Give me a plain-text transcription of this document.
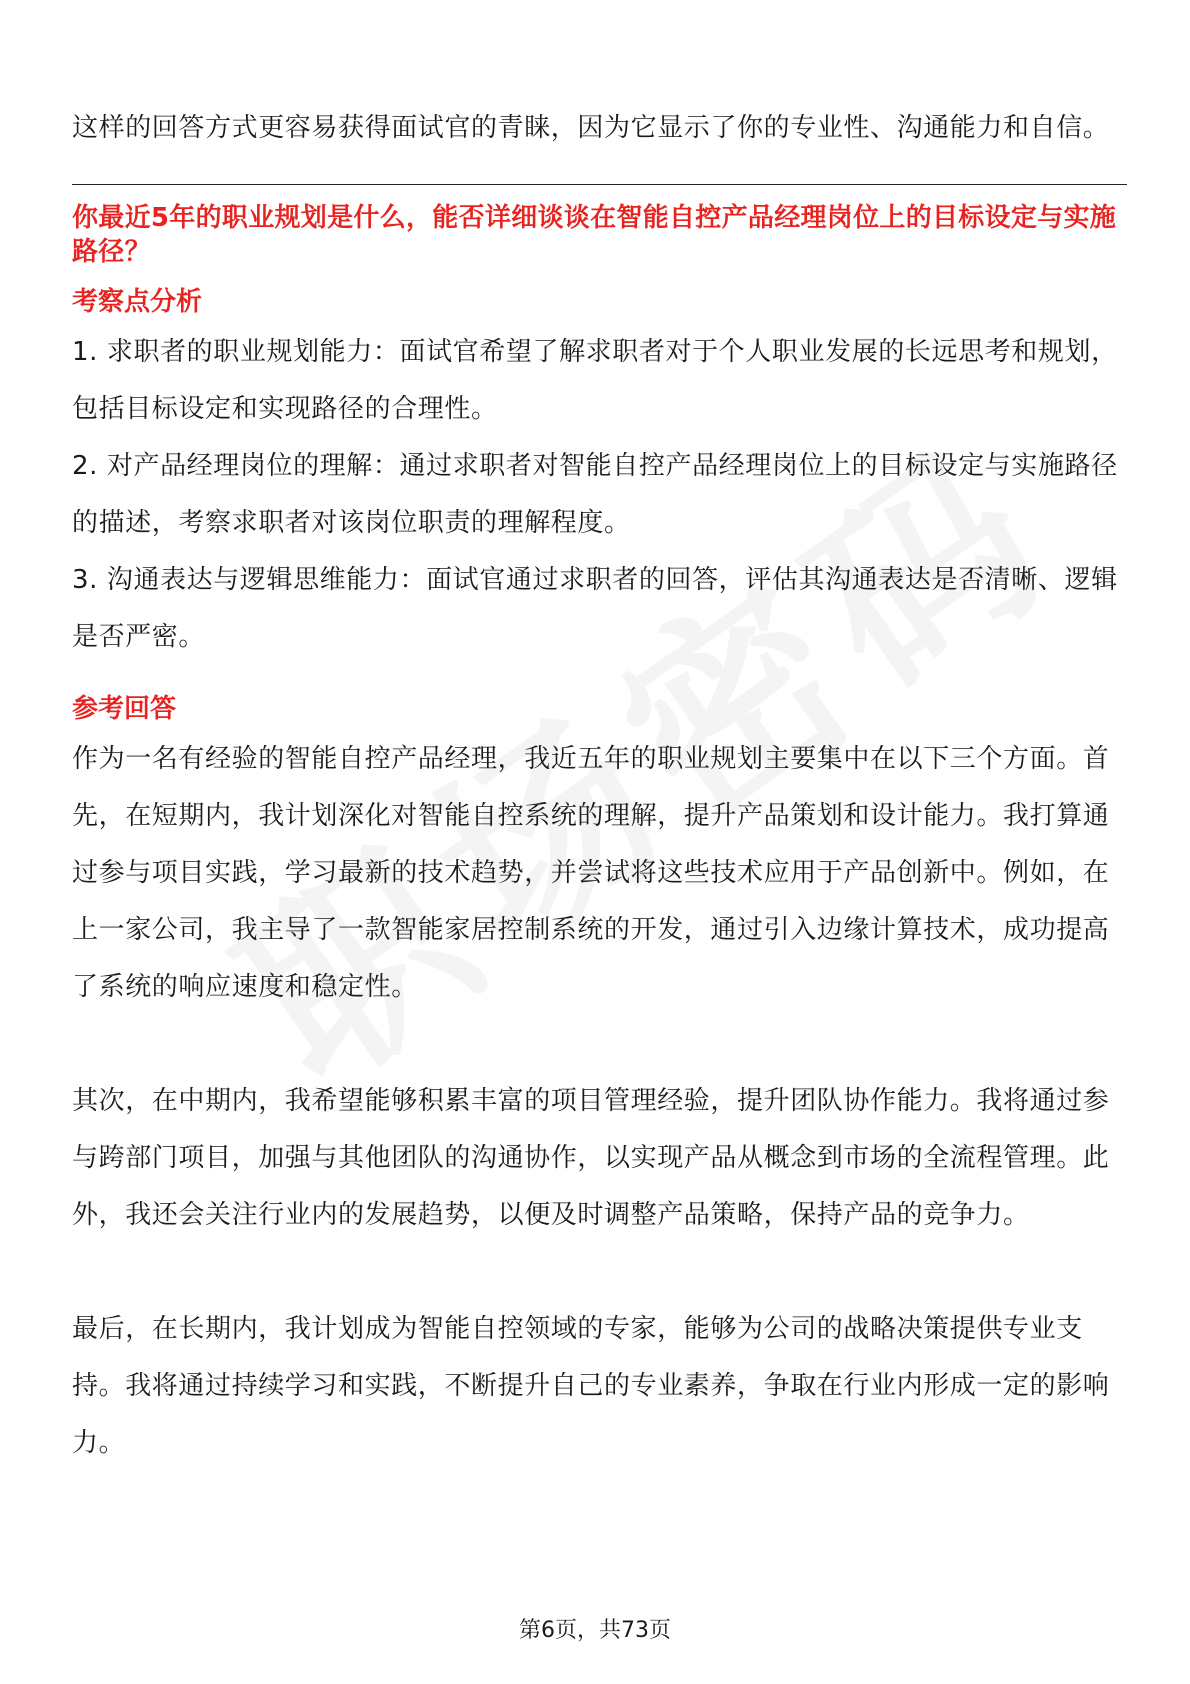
这样的回答方式更容易获得面试官的青睐，因为它显示了你的专业性、沟通能力和自信。

你最近5年的职业规划是什么，能否详细谈谈在智能自控产品经理岗位上的目标设定与实施路径？

考察点分析

1. 求职者的职业规划能力：面试官希望了解求职者对于个人职业发展的长远思考和规划，包括目标设定和实现路径的合理性。

2. 对产品经理岗位的理解：通过求职者对智能自控产品经理岗位上的目标设定与实施路径的描述，考察求职者对该岗位职责的理解程度。

3. 沟通表达与逻辑思维能力：面试官通过求职者的回答，评估其沟通表达是否清晰、逻辑是否严密。

参考回答

作为一名有经验的智能自控产品经理，我近五年的职业规划主要集中在以下三个方面。首先，在短期内，我计划深化对智能自控系统的理解，提升产品策划和设计能力。我打算通过参与项目实践，学习最新的技术趋势，并尝试将这些技术应用于产品创新中。例如，在上一家公司，我主导了一款智能家居控制系统的开发，通过引入边缘计算技术，成功提高了系统的响应速度和稳定性。

其次，在中期内，我希望能够积累丰富的项目管理经验，提升团队协作能力。我将通过参与跨部门项目，加强与其他团队的沟通协作，以实现产品从概念到市场的全流程管理。此外，我还会关注行业内的发展趋势，以便及时调整产品策略，保持产品的竞争力。

最后，在长期内，我计划成为智能自控领域的专家，能够为公司的战略决策提供专业支持。我将通过持续学习和实践，不断提升自己的专业素养，争取在行业内形成一定的影响力。

第6页，共73页
